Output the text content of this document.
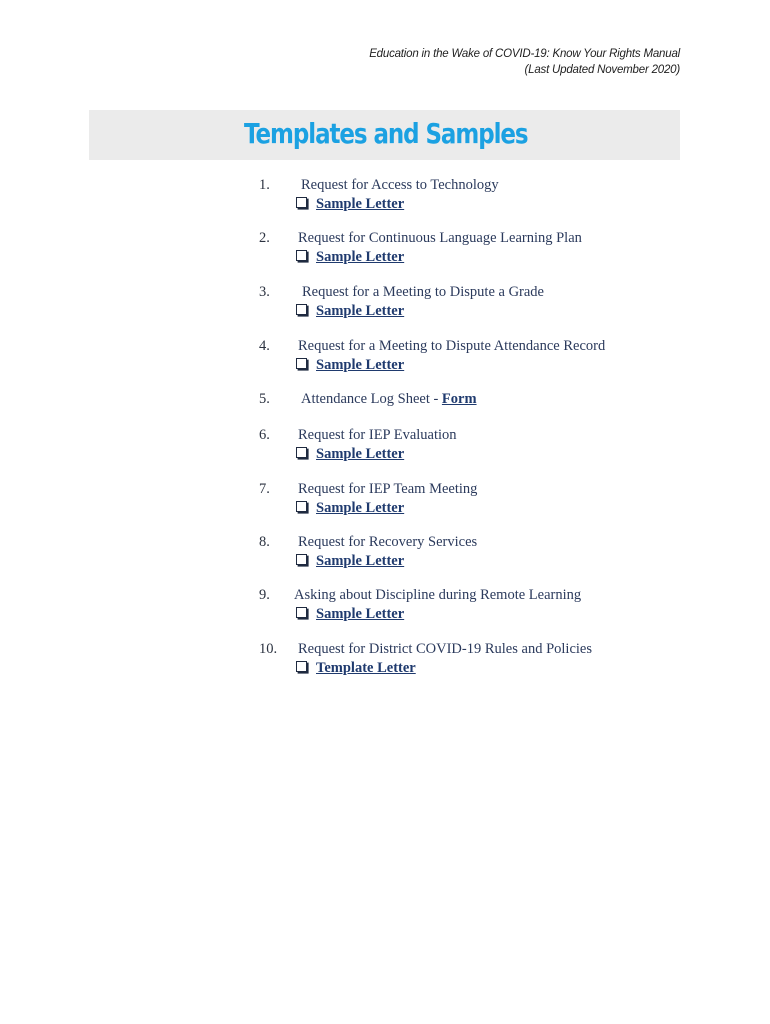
Education in the Wake of COVID-19: Know Your Rights Manual
(Last Updated November 2020)
Templates and Samples
1. Request for Access to Technology
Sample Letter
2. Request for Continuous Language Learning Plan
Sample Letter
3. Request for a Meeting to Dispute a Grade
Sample Letter
4. Request for a Meeting to Dispute Attendance Record
Sample Letter
5. Attendance Log Sheet - Form
6. Request for IEP Evaluation
Sample Letter
7. Request for IEP Team Meeting
Sample Letter
8. Request for Recovery Services
Sample Letter
9. Asking about Discipline during Remote Learning
Sample Letter
10. Request for District COVID-19 Rules and Policies
Template Letter
